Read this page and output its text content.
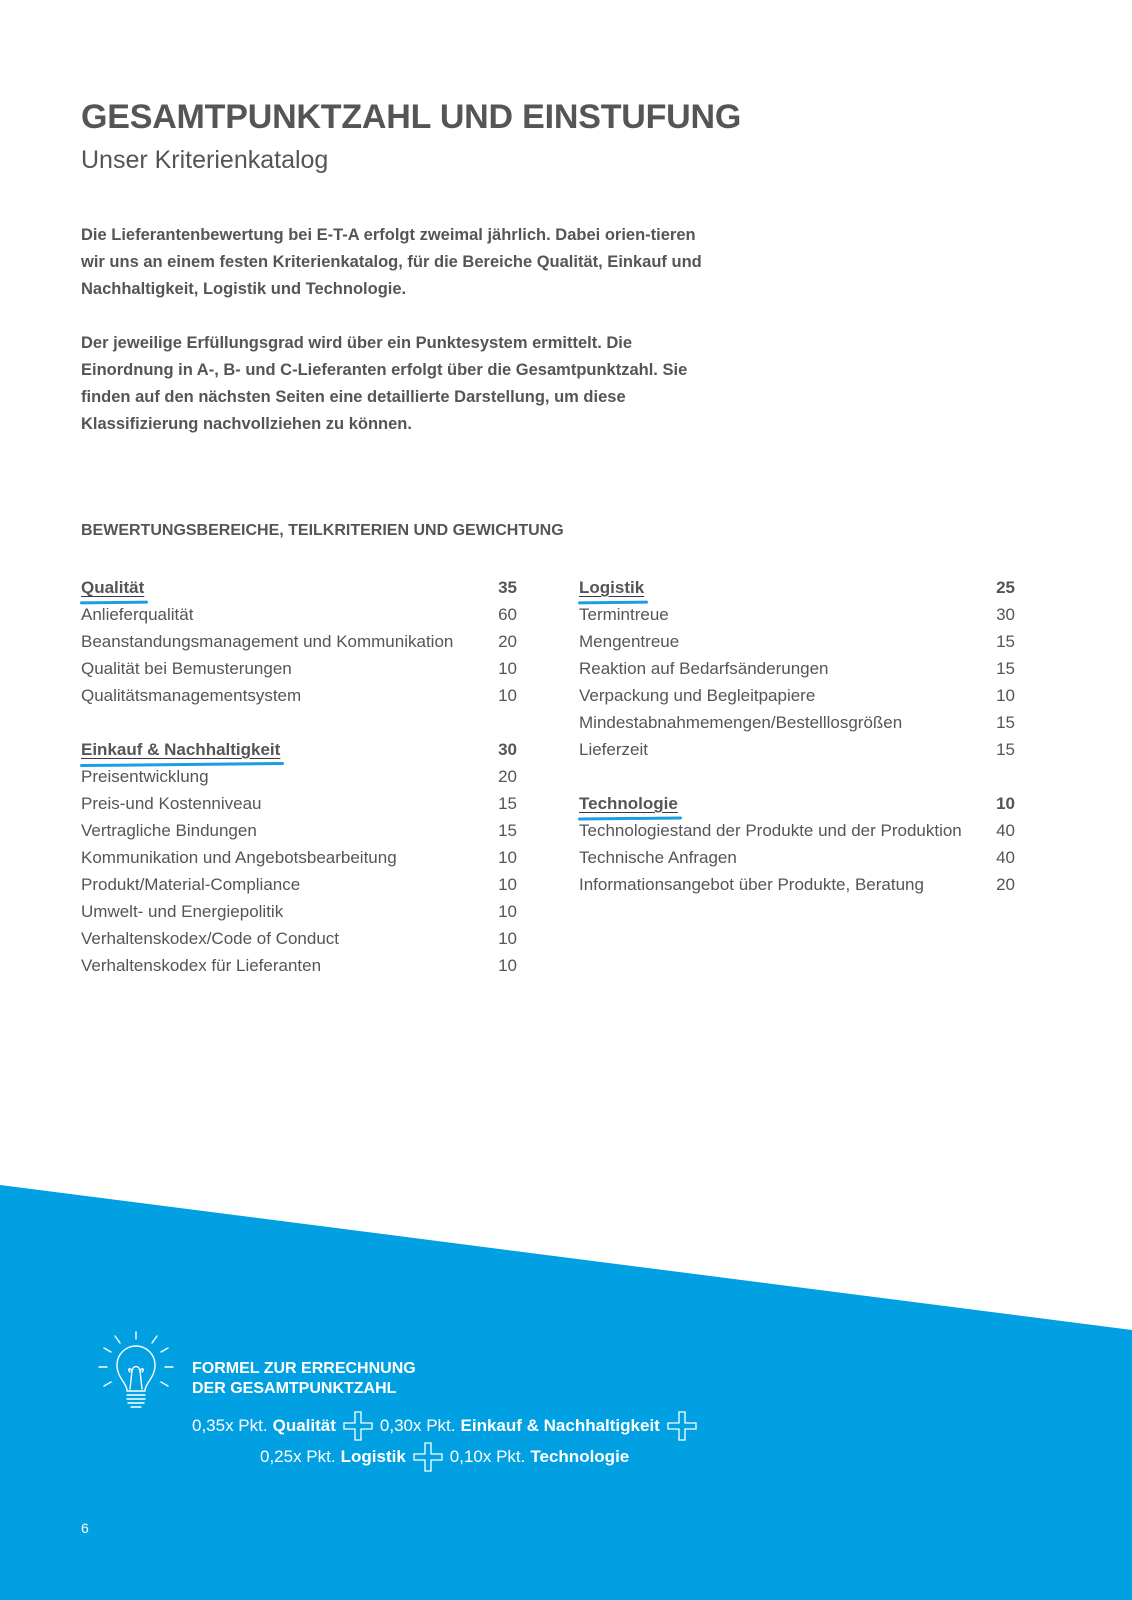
GESAMTPUNKTZAHL UND EINSTUFUNG
Unser Kriterienkatalog

Die Lieferantenbewertung bei E-T-A erfolgt zweimal jährlich. Dabei orien-tieren wir uns an einem festen Kriterienkatalog, für die Bereiche Qualität, Einkauf und Nachhaltigkeit, Logistik und Technologie.

Der jeweilige Erfüllungsgrad wird über ein Punktesystem ermittelt. Die Einordnung in A-, B- und C-Lieferanten erfolgt über die Gesamtpunktzahl. Sie finden auf den nächsten Seiten eine detaillierte Darstellung, um diese Klassifizierung nachvollziehen zu können.

BEWERTUNGSBEREICHE, TEILKRITERIEN UND GEWICHTUNG
Qualität	35
Anlieferqualität	60
Beanstandungsmanagement und Kommunikation	20
Qualität bei Bemusterungen	10
Qualitätsmanagementsystem	10
Einkauf & Nachhaltigkeit	30
Preisentwicklung	20
Preis-und Kostenniveau	15
Vertragliche Bindungen	15
Kommunikation und Angebotsbearbeitung	10
Produkt/Material-Compliance	10
Umwelt- und Energiepolitik	10
Verhaltenskodex/Code of Conduct	10
Verhaltenskodex für Lieferanten	10
Logistik	25
Termintreue	30
Mengentreue	15
Reaktion auf Bedarfsänderungen	15
Verpackung und Begleitpapiere	10
Mindestabnahmemengen/Bestelllosgrößen	15
Lieferzeit	15
Technologie	10
Technologiestand der Produkte und der Produktion 40
Technische Anfragen	40
Informationsangebot über Produkte, Beratung	20
FORMEL ZUR ERRECHNUNG
DER GESAMTPUNKTZAHL
0,35x Pkt. Qualität	0,30x Pkt. Einkauf & Nachhaltigkeit
0,25x Pkt. Logistik	0,10x Pkt. Technologie
6
